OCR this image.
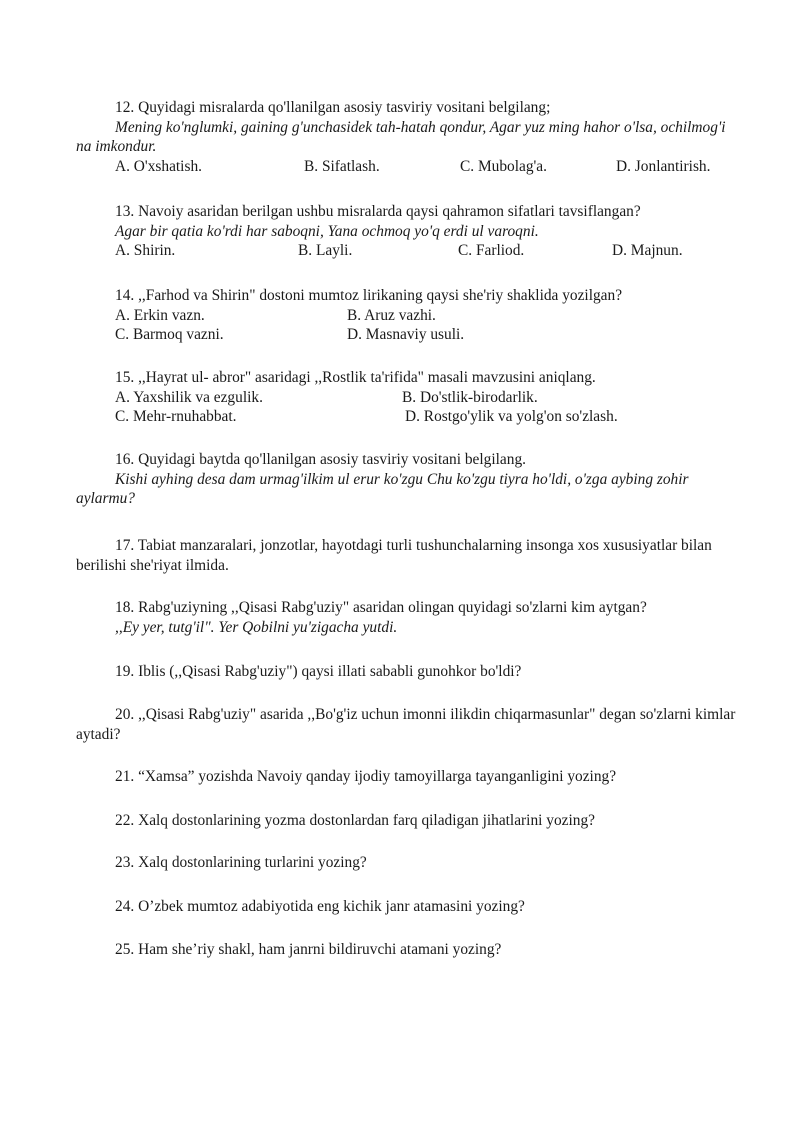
12. Quyidagi misralarda qo'llanilgan asosiy tasviriy vositani belgilang;
Mening ko'nglumki, gaining g'unchasidek tah-hatah qondur, Agar yuz ming hahor o'lsa, ochilmog'i na imkondur.
A. O'xshatish.	B. Sifatlash.	C. Mubolag'a.	D. Jonlantirish.
13. Navoiy asaridan berilgan ushbu misralarda qaysi qahramon sifatlari tavsiflangan?
Agar bir qatia ko'rdi har saboqni, Yana ochmoq yo'q erdi ul varoqni.
A. Shirin.	B. Layli.	C. Farliod.	D. Majnun.
14. ,,Farhod va Shirin" dostoni mumtoz lirikaning qaysi she'riy shaklida yozilgan?
A. Erkin vazn.	B. Aruz vazhi.
C. Barmoq vazni.	D. Masnaviy usuli.
15. ,,Hayrat ul- abror" asaridagi ,,Rostlik ta'rifida" masali mavzusini aniqlang.
A. Yaxshilik va ezgulik.	B. Do'stlik-birodarlik.
C. Mehr-rnuhabbat.	D. Rostgo'ylik va yolg'on so'zlash.
16. Quyidagi baytda qo'llanilgan asosiy tasviriy vositani belgilang.
Kishi ayhing desa dam urmag'ilkim ul erur ko'zgu Chu ko'zgu tiyra ho'ldi, o'zga aybing zohir aylarmu?
17. Tabiat manzaralari, jonzotlar, hayotdagi turli tushunchalarning insonga xos xususiyatlar bilan berilishi she'riyat ilmida.
18. Rabg'uziyning ,,Qisasi Rabg'uziy" asaridan olingan quyidagi so'zlarni kim aytgan?
,,Ey yer, tutg'il". Yer Qobilni yu'zigacha yutdi.
19. Iblis (,,Qisasi Rabg'uziy") qaysi illati sababli gunohkor bo'ldi?
20. ,,Qisasi Rabg'uziy" asarida ,,Bo'g'iz uchun imonni ilikdin chiqarmasunlar" degan so'zlarni kimlar aytadi?
21. “Xamsa” yozishda Navoiy qanday ijodiy tamoyillarga tayanganligini yozing?
22. Xalq dostonlarining yozma dostonlardan farq qiladigan jihatlarini yozing?
23. Xalq dostonlarining turlarini yozing?
24. O’zbek mumtoz adabiyotida eng kichik janr atamasini yozing?
25. Ham she’riy shakl, ham janrni bildiruvchi atamani yozing?
